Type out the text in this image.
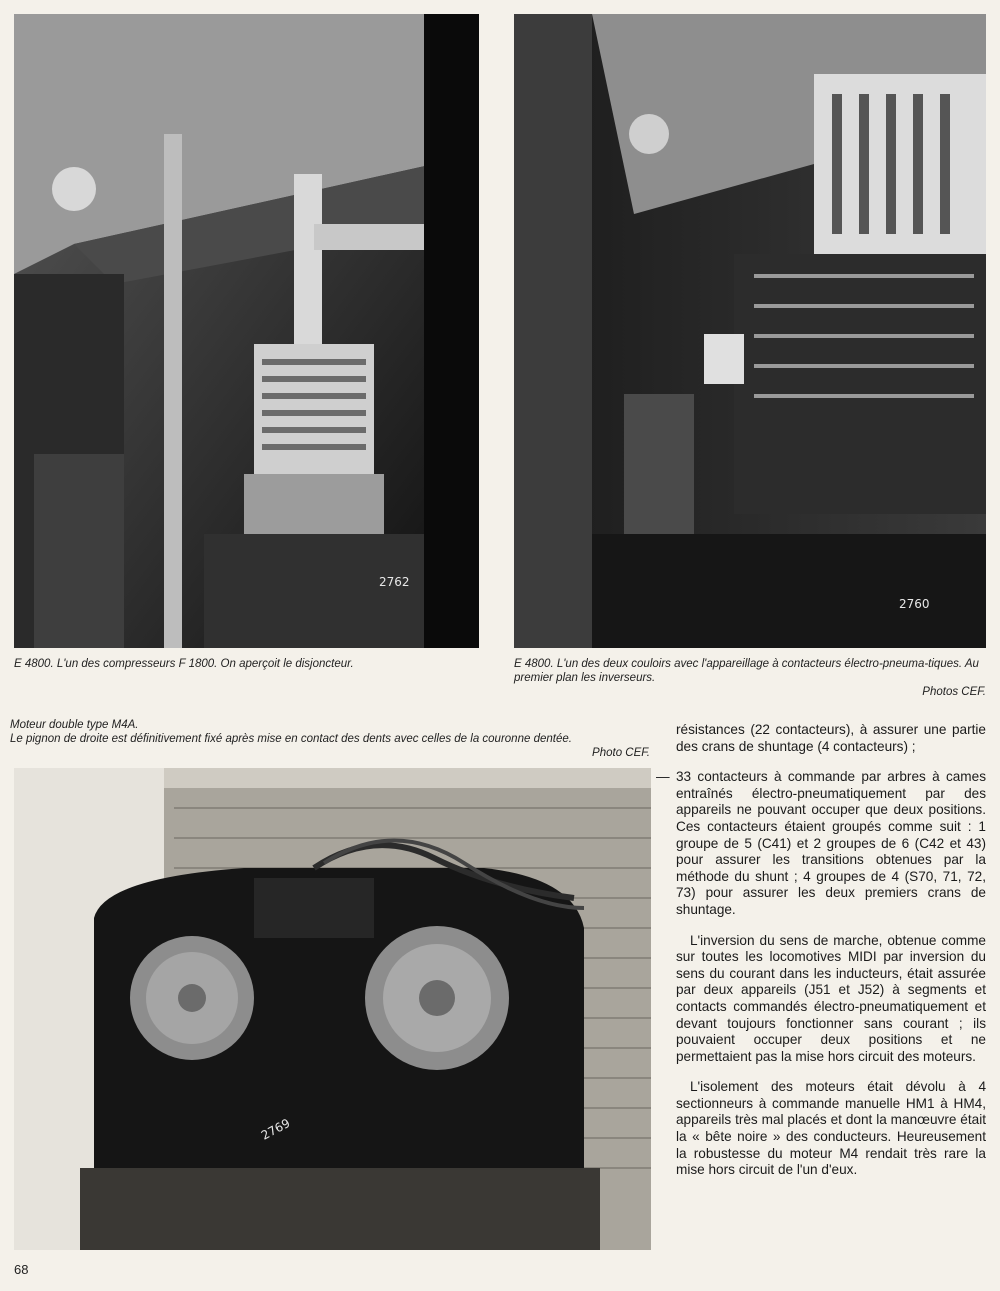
2762
2760
E 4800. L'un des compresseurs F 1800. On aperçoit le disjoncteur.	E 4800. L'un des deux couloirs avec l'appareillage à contacteurs électro-pneuma-tiques. Au premier plan les inverseurs.
Photos CEF.
Moteur double type M4A.
Le pignon de droite est définitivement fixé après mise en contact des dents avec celles de la couronne dentée.
Photo CEF.
2769

résistances (22 contacteurs), à assurer une partie des crans de shuntage (4 contacteurs) ;

— 33 contacteurs à commande par arbres à cames entraînés électro-pneumatiquement par des appareils ne pouvant occuper que deux positions. Ces contacteurs étaient groupés comme suit : 1 groupe de 5 (C41) et 2 groupes de 6 (C42 et 43) pour assurer les transitions obtenues par la méthode du shunt ; 4 groupes de 4 (S70, 71, 72, 73) pour assurer les deux premiers crans de shuntage.

L'inversion du sens de marche, obtenue comme sur toutes les locomotives MIDI par inversion du sens du courant dans les inducteurs, était assurée par deux appareils (J51 et J52) à segments et contacts commandés électro-pneumatiquement et devant toujours fonctionner sans courant ; ils pouvaient occuper deux positions et ne permettaient pas la mise hors circuit des moteurs.

L'isolement des moteurs était dévolu à 4 sectionneurs à commande manuelle HM1 à HM4, appareils très mal placés et dont la manœuvre était la « bête noire » des conducteurs. Heureusement la robustesse du moteur M4 rendait très rare la mise hors circuit de l'un d'eux.

68
